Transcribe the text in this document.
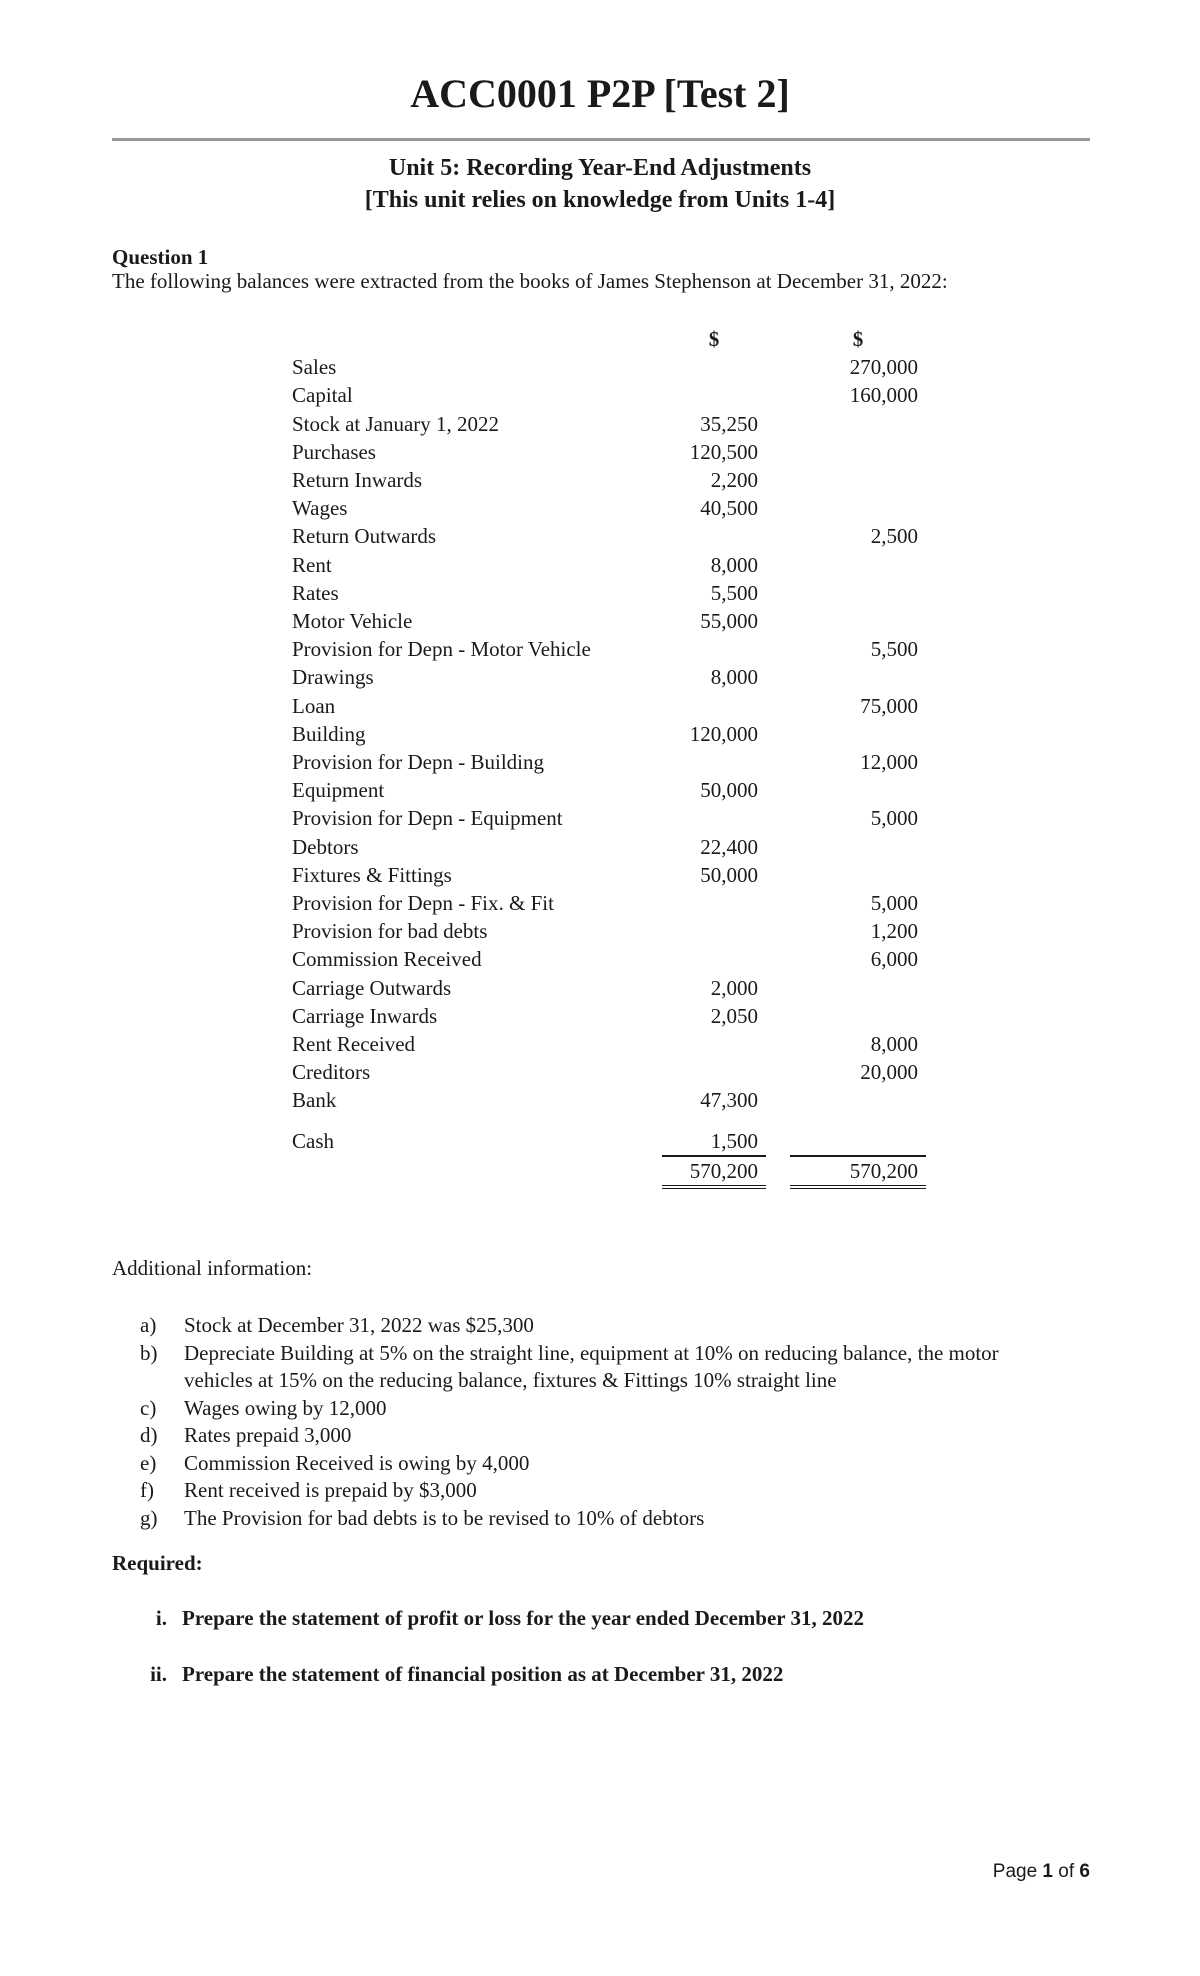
ACC0001 P2P [Test 2]
Unit 5: Recording Year-End Adjustments
[This unit relies on knowledge from Units 1-4]
Question 1
The following balances were extracted from the books of James Stephenson at December 31, 2022:
	$		$
Sales			270,000
Capital			160,000
Stock at January 1, 2022	35,250		
Purchases	120,500		
Return Inwards	2,200		
Wages	40,500		
Return Outwards			2,500
Rent	8,000		
Rates	5,500		
Motor Vehicle	55,000		
Provision for Depn - Motor Vehicle			5,500
Drawings	8,000		
Loan			75,000
Building	120,000		
Provision for Depn - Building			12,000
Equipment	50,000		
Provision for Depn - Equipment			5,000
Debtors	22,400		
Fixtures & Fittings	50,000		
Provision for Depn - Fix. & Fit			5,000
Provision for bad debts			1,200
Commission Received			6,000
Carriage Outwards	2,000		
Carriage Inwards	2,050		
Rent Received			8,000
Creditors			20,000
Bank	47,300		

Cash	1,500		
	570,200		570,200
Additional information:
a)	Stock at December 31, 2022 was $25,300
b)	Depreciate Building at 5% on the straight line, equipment at 10% on reducing balance, the motor vehicles at 15% on the reducing balance, fixtures & Fittings 10% straight line
c)	Wages owing by 12,000
d)	Rates prepaid 3,000
e)	Commission Received is owing by 4,000
f)	Rent received is prepaid by $3,000
g)	The Provision for bad debts is to be revised to 10% of debtors
Required:
i. Prepare the statement of profit or loss for the year ended December 31, 2022
ii. Prepare the statement of financial position as at December 31, 2022
Page 1 of 6
